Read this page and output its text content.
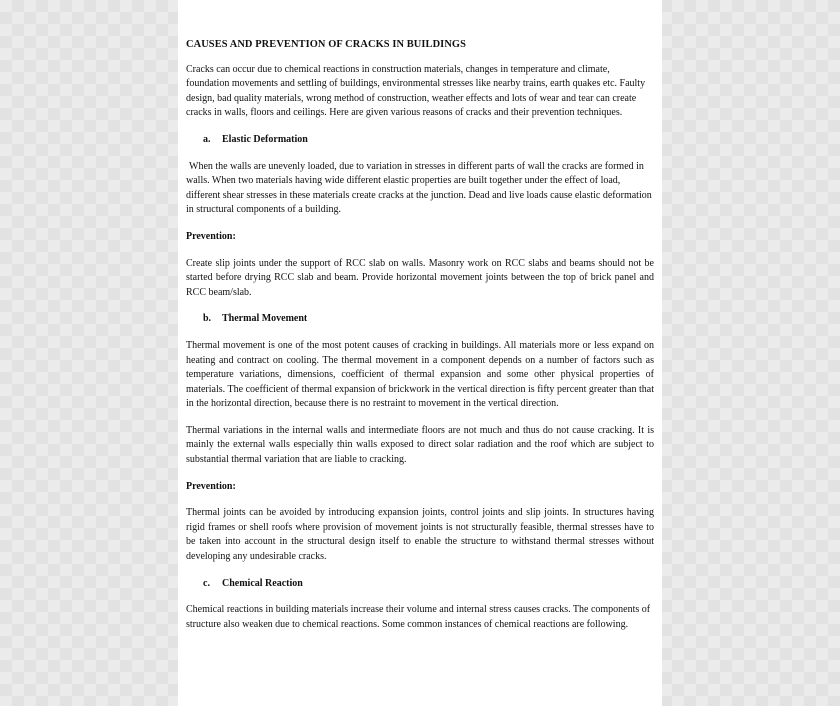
CAUSES AND PREVENTION OF CRACKS IN BUILDINGS

Cracks can occur due to chemical reactions in construction materials, changes in temperature and climate, foundation movements and settling of buildings, environmental stresses like nearby trains, earth quakes etc. Faulty design, bad quality materials, wrong method of construction, weather effects and lots of wear and tear can create cracks in walls, floors and ceilings. Here are given various reasons of cracks and their prevention techniques.

a. Elastic Deformation

When the walls are unevenly loaded, due to variation in stresses in different parts of wall the cracks are formed in walls. When two materials having wide different elastic properties are built together under the effect of load, different shear stresses in these materials create cracks at the junction. Dead and live loads cause elastic deformation in structural components of a building.

Prevention:

Create slip joints under the support of RCC slab on walls. Masonry work on RCC slabs and beams should not be started before drying RCC slab and beam. Provide horizontal movement joints between the top of brick panel and RCC beam/slab.

b. Thermal Movement

Thermal movement is one of the most potent causes of cracking in buildings. All materials more or less expand on heating and contract on cooling. The thermal movement in a component depends on a number of factors such as temperature variations, dimensions, coefficient of thermal expansion and some other physical properties of materials. The coefficient of thermal expansion of brickwork in the vertical direction is fifty percent greater than that in the horizontal direction, because there is no restraint to movement in the vertical direction.

Thermal variations in the internal walls and intermediate floors are not much and thus do not cause cracking. It is mainly the external walls especially thin walls exposed to direct solar radiation and the roof which are subject to substantial thermal variation that are liable to cracking.

Prevention:

Thermal joints can be avoided by introducing expansion joints, control joints and slip joints. In structures having rigid frames or shell roofs where provision of movement joints is not structurally feasible, thermal stresses have to be taken into account in the structural design itself to enable the structure to withstand thermal stresses without developing any undesirable cracks.

c. Chemical Reaction

Chemical reactions in building materials increase their volume and internal stress causes cracks. The components of structure also weaken due to chemical reactions. Some common instances of chemical reactions are following.
